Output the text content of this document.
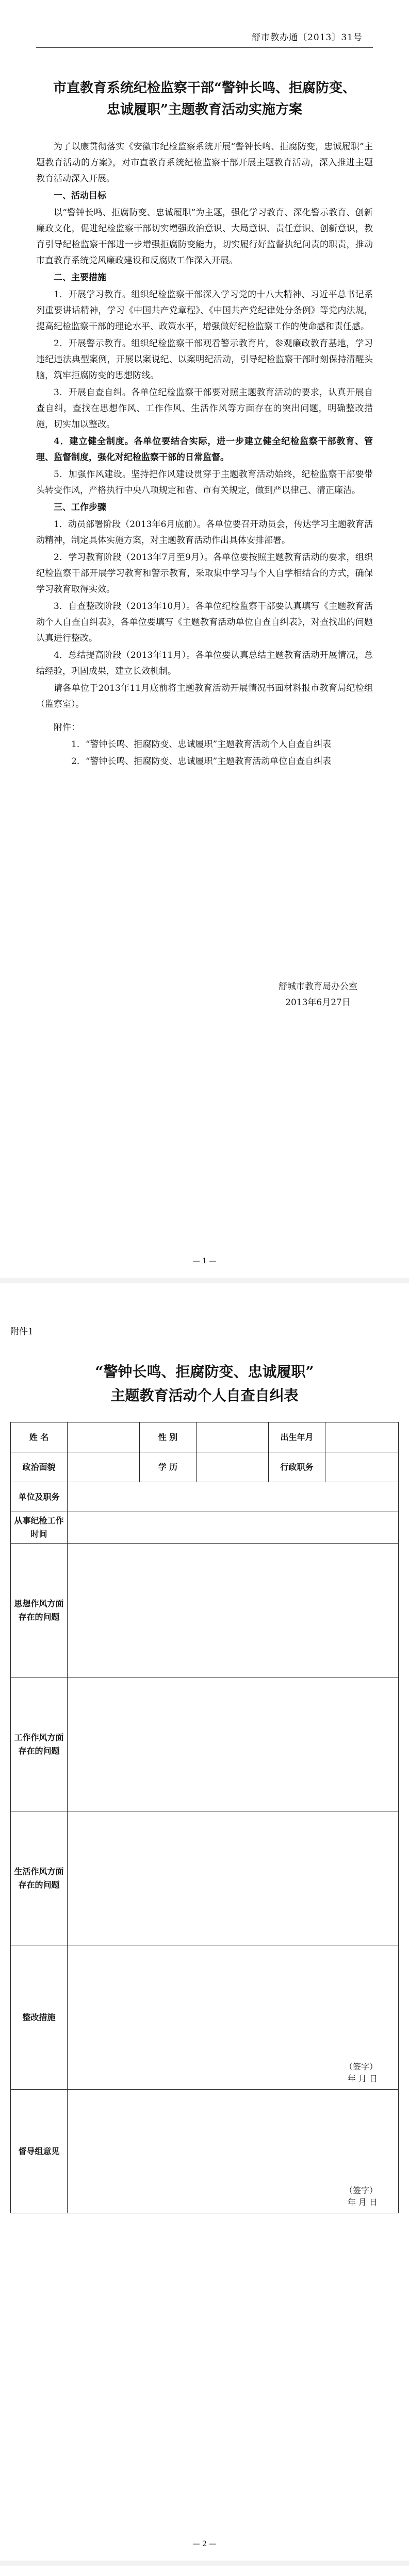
舒市教办通〔2013〕31号
市直教育系统纪检监察干部“警钟长鸣、拒腐防变、
忠诚履职”主题教育活动实施方案

为了以康贯彻落实《安徽市纪检监察系统开展“警钟长鸣、拒腐防变，忠诚履职”主题教育活动的方案》，对市直教育系统纪检监察干部开展主题教育活动，深入推进主题教育活动深入开展。

一、活动目标

以“警钟长鸣、拒腐防变、忠诚履职”为主题，强化学习教育、深化警示教育、创新廉政文化，促进纪检监察干部切实增强政治意识、大局意识、责任意识、创新意识，教育引导纪检监察干部进一步增强拒腐防变能力，切实履行好监督执纪问责的职责，推动市直教育系统党风廉政建设和反腐败工作深入开展。

二、主要措施

1．开展学习教育。组织纪检监察干部深入学习党的十八大精神、习近平总书记系列重要讲话精神，学习《中国共产党章程》、《中国共产党纪律处分条例》等党内法规，提高纪检监察干部的理论水平、政策水平，增强做好纪检监察工作的使命感和责任感。

2．开展警示教育。组织纪检监察干部观看警示教育片，参观廉政教育基地，学习违纪违法典型案例，开展以案说纪、以案明纪活动，引导纪检监察干部时刻保持清醒头脑，筑牢拒腐防变的思想防线。

3．开展自查自纠。各单位纪检监察干部要对照主题教育活动的要求，认真开展自查自纠，查找在思想作风、工作作风、生活作风等方面存在的突出问题，明确整改措施，切实加以整改。

4．建立健全制度。各单位要结合实际，进一步建立健全纪检监察干部教育、管理、监督制度，强化对纪检监察干部的日常监督。

5．加强作风建设。坚持把作风建设贯穿于主题教育活动始终，纪检监察干部要带头转变作风，严格执行中央八项规定和省、市有关规定，做到严以律己、清正廉洁。

三、工作步骤

1．动员部署阶段（2013年6月底前）。各单位要召开动员会，传达学习主题教育活动精神，制定具体实施方案，对主题教育活动作出具体安排部署。

2．学习教育阶段（2013年7月至9月）。各单位要按照主题教育活动的要求，组织纪检监察干部开展学习教育和警示教育，采取集中学习与个人自学相结合的方式，确保学习教育取得实效。

3．自查整改阶段（2013年10月）。各单位纪检监察干部要认真填写《主题教育活动个人自查自纠表》，各单位要填写《主题教育活动单位自查自纠表》，对查找出的问题认真进行整改。

4．总结提高阶段（2013年11月）。各单位要认真总结主题教育活动开展情况，总结经验，巩固成果，建立长效机制。

请各单位于2013年11月底前将主题教育活动开展情况书面材料报市教育局纪检组（监察室）。

附件：

1．“警钟长鸣、拒腐防变、忠诚履职”主题教育活动个人自查自纠表

2．“警钟长鸣、拒腐防变、忠诚履职”主题教育活动单位自查自纠表

舒城市教育局办公室
2013年6月27日
— 1 —
附件1
“警钟长鸣、拒腐防变、忠诚履职”
主题教育活动个人自查自纠表
姓 名		性 别		出生年月	
政治面貌		学 历		行政职务	
单位及职务					
从事纪检工作时间					
思想作风方面存在的问题					
工作作风方面存在的问题					
生活作风方面存在的问题					
整改措施	（签字）
年 月 日				

督导组意见	（签字）
年 月 日				
— 2 —
